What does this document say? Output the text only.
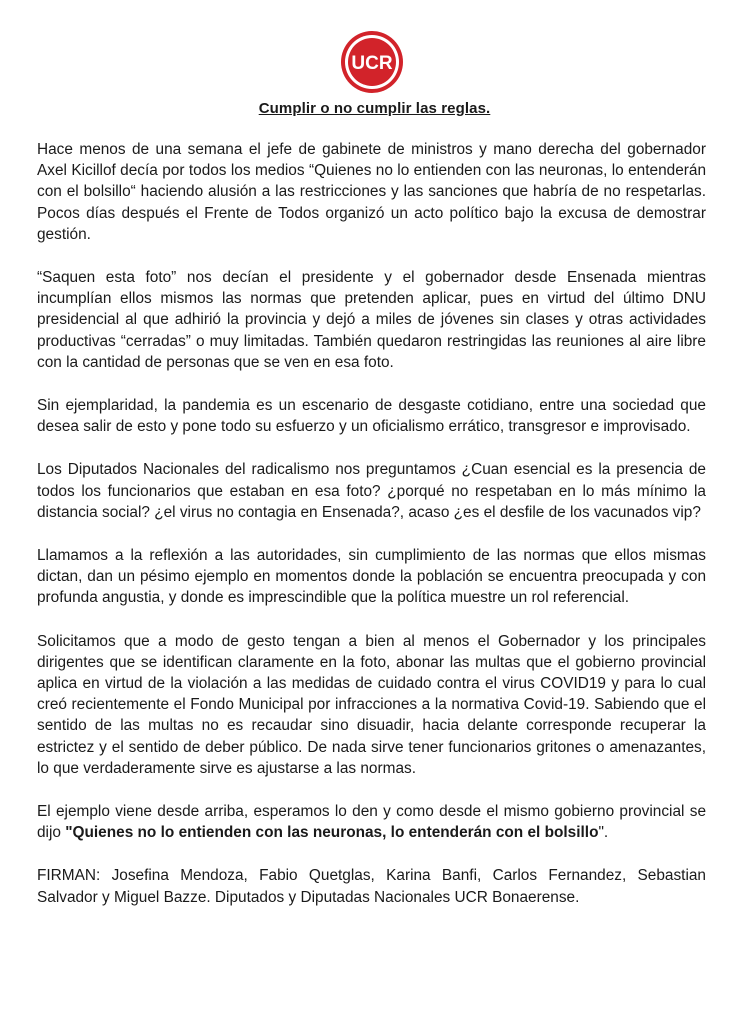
UCR
Cumplir o no cumplir las reglas.

Hace menos de una semana el jefe de gabinete de ministros y mano derecha del gobernador Axel Kicillof decía por todos los medios “Quienes no lo entienden con las neuronas, lo entenderán con el bolsillo“ haciendo alusión a las restricciones y las sanciones que habría de no respetarlas. Pocos días después el Frente de Todos organizó un acto político bajo la excusa de demostrar gestión.

“Saquen esta foto” nos decían el presidente y el gobernador desde Ensenada mientras incumplían ellos mismos las normas que pretenden aplicar, pues en virtud del último DNU presidencial al que adhirió la provincia y dejó a miles de jóvenes sin clases y otras actividades productivas “cerradas” o muy limitadas. También quedaron restringidas las reuniones al aire libre con la cantidad de personas que se ven en esa foto.

Sin ejemplaridad, la pandemia es un escenario de desgaste cotidiano, entre una sociedad que desea salir de esto y pone todo su esfuerzo y un oficialismo errático, transgresor e improvisado.

Los Diputados Nacionales del radicalismo nos preguntamos ¿Cuan esencial es la presencia de todos los funcionarios que estaban en esa foto? ¿porqué no respetaban en lo más mínimo la distancia social? ¿el virus no contagia en Ensenada?, acaso ¿es el desfile de los vacunados vip?

Llamamos a la reflexión a las autoridades, sin cumplimiento de las normas que ellos mismas dictan, dan un pésimo ejemplo en momentos donde la población se encuentra preocupada y con profunda angustia, y donde es imprescindible que la política muestre un rol referencial.

Solicitamos que a modo de gesto tengan a bien al menos el Gobernador y los principales dirigentes que se identifican claramente en la foto, abonar las multas que el gobierno provincial aplica en virtud de la violación a las medidas de cuidado contra el virus COVID19 y para lo cual creó recientemente el Fondo Municipal por infracciones a la normativa Covid-19. Sabiendo que el sentido de las multas no es recaudar sino disuadir, hacia delante corresponde recuperar la estrictez y el sentido de deber público. De nada sirve tener funcionarios gritones o amenazantes, lo que verdaderamente sirve es ajustarse a las normas.

El ejemplo viene desde arriba, esperamos lo den y como desde el mismo gobierno provincial se dijo "Quienes no lo entienden con las neuronas, lo entenderán con el bolsillo".

FIRMAN: Josefina Mendoza, Fabio Quetglas, Karina Banfi, Carlos Fernandez, Sebastian Salvador y Miguel Bazze. Diputados y Diputadas Nacionales UCR Bonaerense.
